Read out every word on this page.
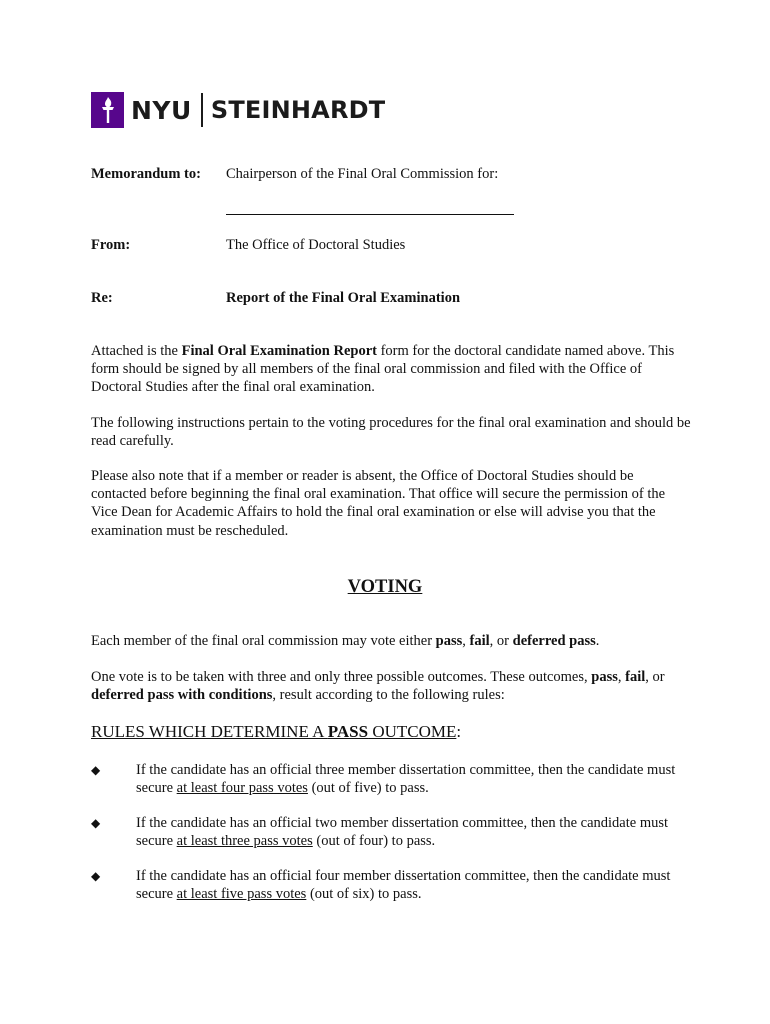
NYU STEINHARDT
Memorandum to: Chairperson of the Final Oral Commission for:
From:	The Office of Doctoral Studies
Re:	Report of the Final Oral Examination

Attached is the Final Oral Examination Report form for the doctoral candidate named above. This form should be signed by all members of the final oral commission and filed with the Office of Doctoral Studies after the final oral examination.

The following instructions pertain to the voting procedures for the final oral examination and should be read carefully.

Please also note that if a member or reader is absent, the Office of Doctoral Studies should be contacted before beginning the final oral examination. That office will secure the permission of the Vice Dean for Academic Affairs to hold the final oral examination or else will advise you that the examination must be rescheduled.

VOTING

Each member of the final oral commission may vote either pass, fail, or deferred pass.

One vote is to be taken with three and only three possible outcomes. These outcomes, pass, fail, or deferred pass with conditions, result according to the following rules:

RULES WHICH DETERMINE A PASS OUTCOME:
◆ If the candidate has an official three member dissertation committee, then the candidate must secure at least four pass votes (out of five) to pass.
◆ If the candidate has an official two member dissertation committee, then the candidate must secure at least three pass votes (out of four) to pass.
◆ If the candidate has an official four member dissertation committee, then the candidate must secure at least five pass votes (out of six) to pass.
